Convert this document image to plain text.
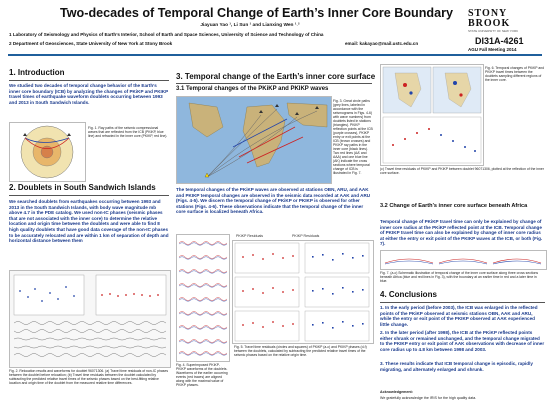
Two-decades of Temporal Change of Earth’s Inner Core Boundary
Jiayuan Yao ¹, Li Sun ¹ and Lianxing Wen ¹˒²
1 Laboratory of Seismology and Physics of Earth’s Interior, School of Earth and Space Sciences, University of Science and Technology of China
2 Department of Geosciences, State University of New York at Stony Brook	email: kakayao@mail.ustc.edu.cn
STONY
BROOK
STATE UNIVERSITY OF NEW YORK
DI31A-4261
AGU Fall Meeting 2014
1. Introduction
We studied two decades of temporal change behavior of the Earth’s inner core boundary (ICB) by analyzing the changes of PKiKP and PKIKP travel times of earthquake waveform doublets occurring between 1993 and 2013 in South Sandwich Islands.
Fig. 1. Ray paths of the seismic compressional waves that are reflected from the ICB (PKiKP, blue line) and refracted in the inner core (PKIKP, red line).
2. Doublets in South Sandwich Islands
We searched doublets from earthquakes occurring between 1993 and 2013 in the South Sandwich Islands, with body wave magnitude mb above 4.7 in the PDE catalog. We used non-IC phases (seismic phases that are not associated with the inner core) to determine the relative location and origin time between the doublets and were able to find 8 high quality doublets that have good data coverage of the non-IC phases to be accurately relocated and are within 1 km of separation of depth and horizontal distance between them
Fig. 2. Relocation results and waveforms for doublet 96071306. (a) Travel time residuals of non-IC phases between the doublet before relocation; (b) Travel time residuals between the doublet calculated by subtracting the predicted relative travel times of the seismic phases based on the best-fitting relative location and origin time of the doublet from the measured relative time differences.
3. Temporal change of the Earth’s inner core surface
3.1 Temporal changes of the PKiKP and PKIKP waves
Fig. 3. Great circle paths (grey lines, labeled in accordance with the seismograms in Figs. 4-6) with wave numbers) from doublets listed in stations (triangles). PKiKP reflection points at the ICB (purple crosses), PKIKP entry or exit points at the ICB (brown crosses) and PKIKP ray paths in the inner core (black lines). Two red lines (AA’ and AAA) and one blue line (AK) indicate the cross sections where temporal change of ICB is illustrated in Fig. 7.
The temporal changes of the PKiKP waves are observed at stations OBN, ARU, and AAK and PKIKP temporal changes are observed in the seismic data recorded at AAK and ARU (Figs. 4-5). We discern the temporal change of PKiKP or PKIKP is observed for other stations (Figs. 4-6). These observations indicate that the temporal change of the inner core surface is localized beneath Africa.
PKiKP Residuals	PKIKP Residuals
Fig. 4. Superimposed PKiKP-PKIKP waveforms of the doublets. Waveforms of the earlier occurring events (red traces) are aligned along with the maximal value of PKIKP phases.
Fig. 5. Travel time residuals (circles and squares) of PKiKP (a-c) and PKIKP phases (d-f) between the doublets, calculated by subtracting the predicted relative travel times of the seismic phases based on the relative origin time.
Fig. 6. Temporal changes of PKiKP and PKIKP travel times between the doublets sampling different regions of the inner core.
(c) Travel time residuals of PKIKP and PKiKP between doublet 96071306, plotted at the reflection of the inner core surface.
3.2 Change of Earth’s inner core surface beneath Africa
Temporal change of PKiKP travel time can only be explained by change of inner core radius at the PKiKP reflected point at the ICB. Temporal change of PKIKP travel time can also be explained by change of inner core radius at either the entry or exit point of the PKIKP waves at the ICB, or both (Fig. 7).
Fig. 7. (a-c) Schematic illustration of temporal change of the inner core surface along three cross sections beneath Africa (blue and red lines in Fig. 3), with the boundary at an earlier time in red and a later time in blue.
4. Conclusions
1. In the early period (before 2003), the ICB was enlarged in the reflected points of the PKiKP observed at seismic stations OBN, AAK and ARU, while the entry or exit point of the PKIKP observed at AAK experienced little change.
2. In the later period (after 1998), the ICB at the PKiKP reflected points either shrank or remained unchanged, and the temporal change migrated to the PKIKP entry or exit point of AAK observations with decrease of inner core radius up to 4.8 km between 1998 and 2003.
3. These results indicate that ICB temporal change is episodic, rapidly migrating, and alternately enlarged and shrunk.
Acknowledgement:
We gratefully acknowledge the IRIS for the high quality data.
